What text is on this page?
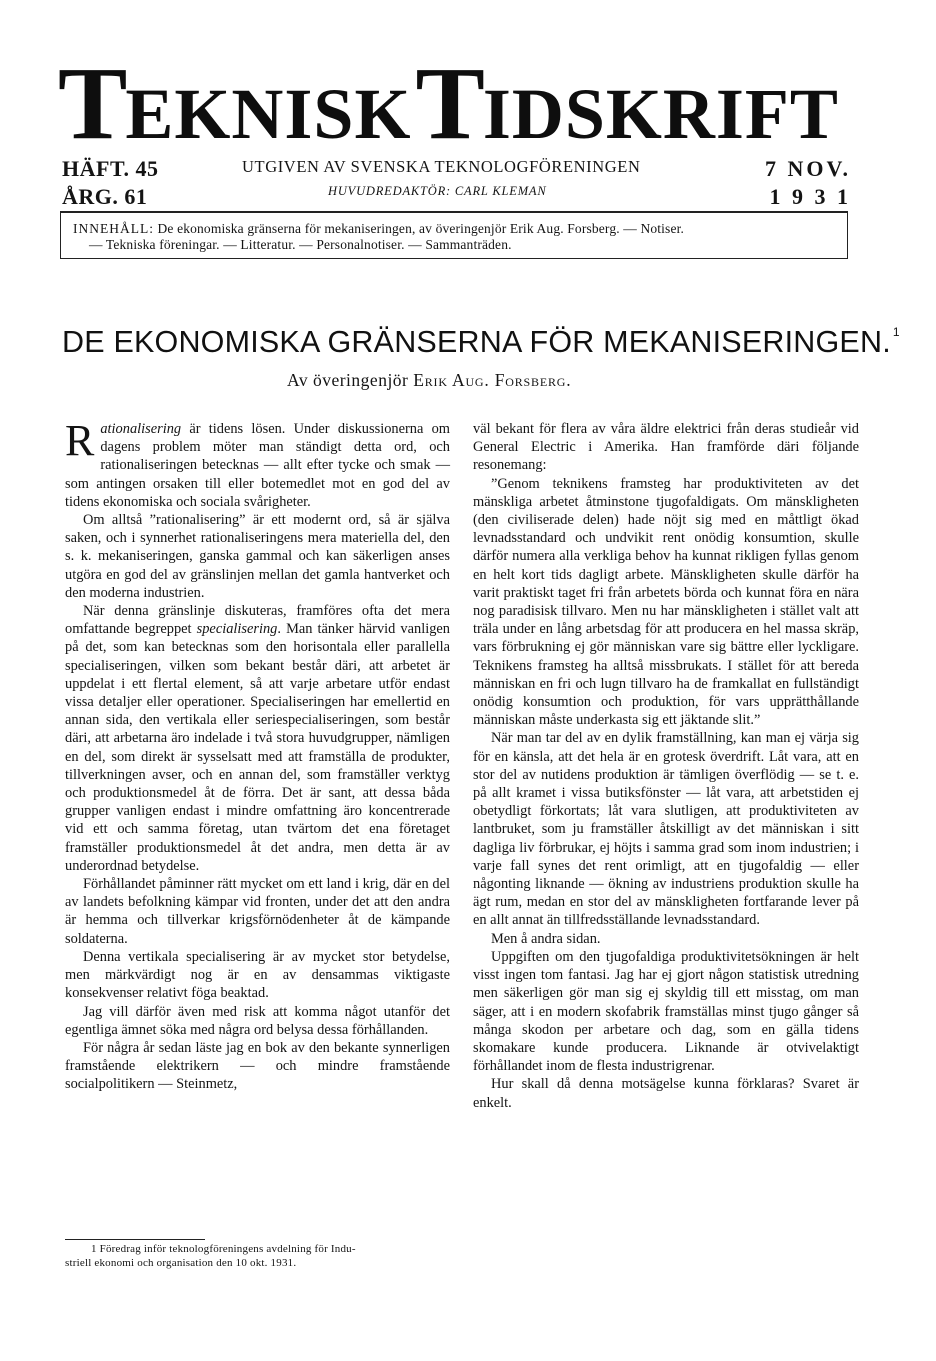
TEKNISKTIDSKRIFT
HÄFT. 45
ÅRG. 61
UTGIVEN AV SVENSKA TEKNOLOGFÖRENINGEN
HUVUDREDAKTÖR: CARL KLEMAN
7 NOV.
1 9 3 1
INNEHÅLL: De ekonomiska gränserna för mekaniseringen, av överingenjör Erik Aug. Forsberg. — Notiser.
— Tekniska föreningar. — Litteratur. — Personalnotiser. — Sammanträden.
DE EKONOMISKA GRÄNSERNA FÖR MEKANISERINGEN. $^1$
Av överingenjör Erik Aug. Forsberg.

Rationalisering är tidens lösen. Under diskussionerna om dagens problem möter man ständigt detta ord, och rationaliseringen betecknas — allt efter tycke och smak — som antingen orsaken till eller botemedlet mot en god del av tidens ekonomiska och sociala svårigheter.

Om alltså ”rationalisering” är ett modernt ord, så är själva saken, och i synnerhet rationaliseringens mera materiella del, den s. k. mekaniseringen, ganska gammal och kan säkerligen anses utgöra en god del av gränslinjen mellan det gamla hantverket och den moderna industrien.

När denna gränslinje diskuteras, framföres ofta det mera omfattande begreppet specialisering. Man tänker härvid vanligen på det, som kan betecknas som den horisontala eller parallella specialiseringen, vilken som bekant består däri, att arbetet är uppdelat i ett flertal element, så att varje arbetare utför endast vissa detaljer eller operationer. Specialiseringen har emellertid en annan sida, den vertikala eller seriespecialiseringen, som består däri, att arbetarna äro indelade i två stora huvudgrupper, nämligen en del, som direkt är sysselsatt med att framställa de produkter, tillverkningen avser, och en annan del, som framställer verktyg och produktionsmedel åt de förra. Det är sant, att dessa båda grupper vanligen endast i mindre omfattning äro koncentrerade vid ett och samma företag, utan tvärtom det ena företaget framställer produktionsmedel åt det andra, men detta är av underordnad betydelse.

Förhållandet påminner rätt mycket om ett land i krig, där en del av landets befolkning kämpar vid fronten, under det att den andra är hemma och tillverkar krigsförnödenheter åt de kämpande soldaterna.

Denna vertikala specialisering är av mycket stor betydelse, men märkvärdigt nog är en av densammas viktigaste konsekvenser relativt föga beaktad.

Jag vill därför även med risk att komma något utanför det egentliga ämnet söka med några ord belysa dessa förhållanden.

För några år sedan läste jag en bok av den bekante synnerligen framstående elektrikern — och mindre framstående socialpolitikern — Steinmetz,

1 Föredrag inför teknologföreningens avdelning för Indu-
striell ekonomi och organisation den 10 okt. 1931.

väl bekant för flera av våra äldre elektrici från deras studieår vid General Electric i Amerika. Han framförde däri följande resonemang:

”Genom teknikens framsteg har produktiviteten av det mänskliga arbetet åtminstone tjugofaldigats. Om mänskligheten (den civiliserade delen) hade nöjt sig med en måttligt ökad levnadsstandard och undvikit rent onödig konsumtion, skulle därför numera alla verkliga behov ha kunnat rikligen fyllas genom en helt kort tids dagligt arbete. Mänskligheten skulle därför ha varit praktiskt taget fri från arbetets börda och kunnat föra en nära nog paradisisk tillvaro. Men nu har mänskligheten i stället valt att träla under en lång arbetsdag för att producera en hel massa skräp, vars förbrukning ej gör människan vare sig bättre eller lyckligare. Teknikens framsteg ha alltså missbrukats. I stället för att bereda människan en fri och lugn tillvaro ha de framkallat en fullständigt onödig konsumtion och produktion, för vars upprätthållande människan måste underkasta sig ett jäktande slit.”

När man tar del av en dylik framställning, kan man ej värja sig för en känsla, att det hela är en grotesk överdrift. Låt vara, att en stor del av nutidens produktion är tämligen överflödig — se t. e. på allt kramet i vissa butiksfönster — låt vara, att arbetstiden ej obetydligt förkortats; låt vara slutligen, att produktiviteten av lantbruket, som ju framställer åtskilligt av det människan i sitt dagliga liv förbrukar, ej höjts i samma grad som inom industrien; i varje fall synes det rent orimligt, att en tjugofaldig — eller någonting liknande — ökning av industriens produktion skulle ha ägt rum, medan en stor del av mänskligheten fortfarande lever på en allt annat än tillfredsställande levnadsstandard.

Men å andra sidan.

Uppgiften om den tjugofaldiga produktivitetsökningen är helt visst ingen tom fantasi. Jag har ej gjort någon statistisk utredning men säkerligen gör man sig ej skyldig till ett misstag, om man säger, att i en modern skofabrik framställas minst tjugo gånger så många skodon per arbetare och dag, som en gälla tidens skomakare kunde producera. Liknande är otvivelaktigt förhållandet inom de flesta industrigrenar.

Hur skall då denna motsägelse kunna förklaras? Svaret är enkelt.
